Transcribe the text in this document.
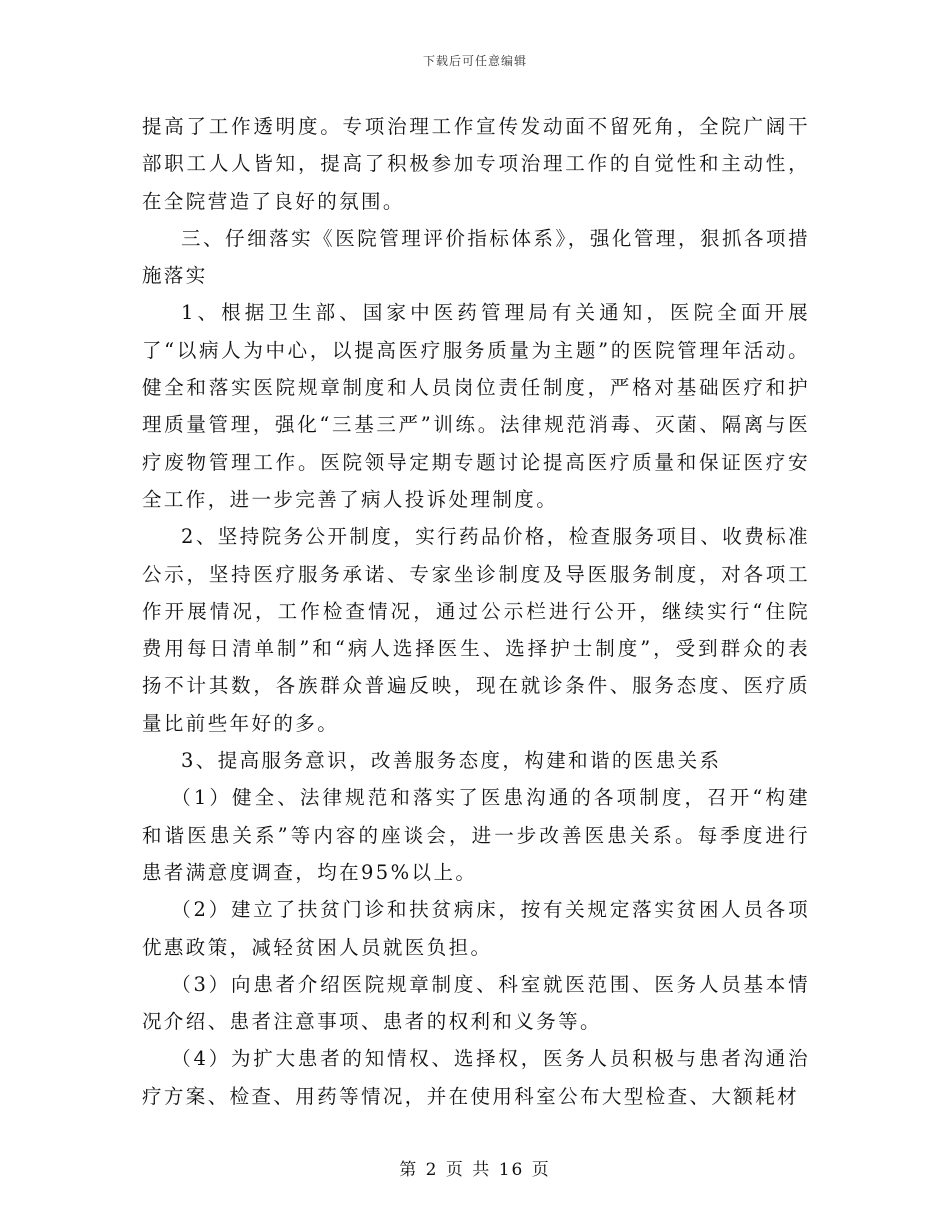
下载后可任意编辑

提高了工作透明度。专项治理工作宣传发动面不留死角，全院广阔干部职工人人皆知，提高了积极参加专项治理工作的自觉性和主动性，在全院营造了良好的氛围。

三、仔细落实《医院管理评价指标体系》，强化管理，狠抓各项措施落实

1、根据卫生部、国家中医药管理局有关通知，医院全面开展了“以病人为中心，以提高医疗服务质量为主题”的医院管理年活动。健全和落实医院规章制度和人员岗位责任制度，严格对基础医疗和护理质量管理，强化“三基三严”训练。法律规范消毒、灭菌、隔离与医疗废物管理工作。医院领导定期专题讨论提高医疗质量和保证医疗安全工作，进一步完善了病人投诉处理制度。

2、坚持院务公开制度，实行药品价格，检查服务项目、收费标准公示，坚持医疗服务承诺、专家坐诊制度及导医服务制度，对各项工作开展情况，工作检查情况，通过公示栏进行公开，继续实行“住院费用每日清单制”和“病人选择医生、选择护士制度”，受到群众的表扬不计其数，各族群众普遍反映，现在就诊条件、服务态度、医疗质量比前些年好的多。

3、提高服务意识，改善服务态度，构建和谐的医患关系

（1）健全、法律规范和落实了医患沟通的各项制度，召开“构建和谐医患关系”等内容的座谈会，进一步改善医患关系。每季度进行患者满意度调查，均在95%以上。

（2）建立了扶贫门诊和扶贫病床，按有关规定落实贫困人员各项优惠政策，减轻贫困人员就医负担。

（3）向患者介绍医院规章制度、科室就医范围、医务人员基本情况介绍、患者注意事项、患者的权利和义务等。

（4）为扩大患者的知情权、选择权，医务人员积极与患者沟通治疗方案、检查、用药等情况，并在使用科室公布大型检查、大额耗材

第 2 页 共 16 页
